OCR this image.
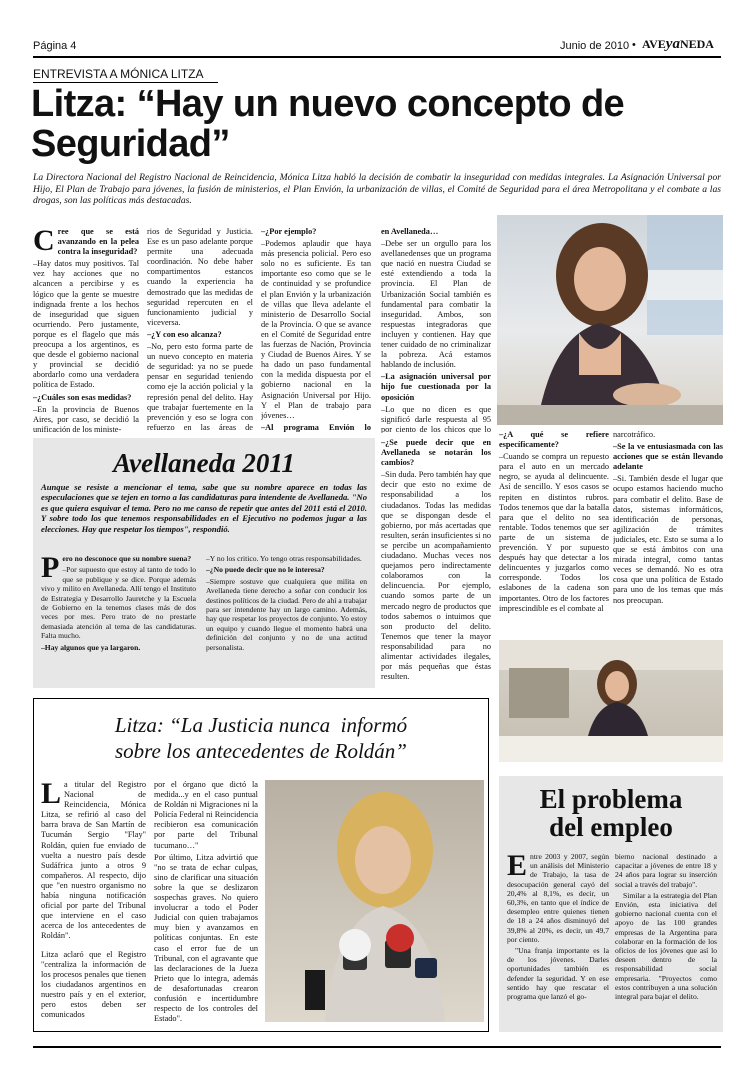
Página 4	Junio de 2010 • AVEyaNEDA
ENTREVISTA A MÓNICA LITZA
Litza: “Hay un nuevo concepto de
Seguridad”
La Directora Nacional del Registro Nacional de Reincidencia, Mónica Litza habló la decisión de combatir la inseguridad con medidas integrales. La Asignación Universal por Hijo, El Plan de Trabajo para jóvenes, la fusión de ministerios, el Plan Envión, la urbanización de villas, el Comité de Seguridad para el área Metropolitana y el combate a las drogas, son las políticas más destacadas.

Cree que se está avanzando en la pelea contra la inseguridad?

–Hay datos muy positivos. Tal vez hay acciones que no alcancen a percibirse y es lógico que la gente se muestre indignada frente a los hechos de inseguridad que siguen ocurriendo. Pero justamente, porque es el flagelo que más preocupa a los argentinos, es que desde el gobierno nacional y provincial se decidió abordarlo como una verdadera política de Estado.

–¿Cuáles son esas medidas?

–En la provincia de Buenos Aires, por caso, se decidió la unificación de los ministe-

rios de Seguridad y Justicia. Ese es un paso adelante porque permite una adecuada coordinación. No debe haber compartimentos estancos cuando la experiencia ha demostrado que las medidas de seguridad repercuten en el funcionamiento judicial y viceversa.

–¿Y con eso alcanza?

–No, pero esto forma parte de un nuevo concepto en materia de seguridad: ya no se puede pensar en seguridad teniendo como eje la acción policial y la represión penal del delito. Hay que trabajar fuertemente en la prevención y eso se logra con refuerzo en las áreas de

–¿Por ejemplo?

–Podemos aplaudir que haya más presencia policial. Pero eso solo no es suficiente. Es tan importante eso como que se le de continuidad y se profundice el plan Envión y la urbanización de villas que lleva adelante el ministerio de Desarrollo Social de la Provincia. O que se avance en el Comité de Seguridad entre las fuerzas de Nación, Provincia y Ciudad de Buenos Aires. Y se ha dado un paso fundamental con la medida dispuesta por el gobierno nacional en la Asignación Universal por Hijo. Y el Plan de trabajo para jóvenes…

–Al programa Envión lo

en Avellaneda…

–Debe ser un orgullo para los avellanedenses que un programa que nació en nuestra Ciudad se esté extendiendo a toda la provincia. El Plan de Urbanización Social también es fundamental para combatir la inseguridad. Ambos, son respuestas integradoras que incluyen y contienen. Hay que tener cuidado de no criminalizar la pobreza. Acá estamos hablando de inclusión.

–La asignación universal por hijo fue cuestionada por la oposición

–Lo que no dicen es que significó darle respuesta al 95 por ciento de los chicos que lo

–¿Se puede decir que en Avellaneda se notarán los cambios?

–Sin duda. Pero también hay que decir que esto no exime de responsabilidad a los ciudadanos. Todas las medidas que se dispongan desde el gobierno, por más acertadas que resulten, serán insuficientes si no se percibe un acompañamiento ciudadano. Muchas veces nos quejamos pero indirectamente colaboramos con la delincuencia. Por ejemplo, cuando somos parte de un mercado negro de productos que todos sabemos o intuimos que son producto del delito. Tenemos que tener la mayor responsabilidad para no alimentar actividades ilegales, por más pequeñas que éstas resulten.

–¿A qué se refiere específicamente?

–Cuando se compra un repuesto para el auto en un mercado negro, se ayuda al delincuente. Así de sencillo. Y esos casos se repiten en distintos rubros. Todos tenemos que dar la batalla para que el delito no sea rentable. Todos tenemos que ser parte de un sistema de prevención. Y por supuesto después hay que detectar a los delincuentes y juzgarlos como corresponde. Todos los eslabones de la cadena son importantes. Otro de los factores imprescindible es el combate al

narcotráfico.

–Se la ve entusiasmada con las acciones que se están llevando adelante

–Si. También desde el lugar que ocupo estamos haciendo mucho para combatir el delito. Base de datos, sistemas informáticos, identificación de personas, agilización de trámites judiciales, etc. Esto se suma a lo que se está ámbitos con una mirada integral, como tantas veces se demandó. No es otra cosa que una política de Estado para uno de los temas que más nos preocupan.

Avellaneda 2011
Aunque se resiste a mencionar el tema, sabe que su nombre aparece en todas las especulaciones que se tejen en torno a las candidaturas para intendente de Avellaneda. "No es que quiera esquivar el tema. Pero no me canso de repetir que antes del 2011 está el 2010. Y sobre todo los que tenemos responsabilidades en el Ejecutivo no podemos jugar a las elecciones. Hay que respetar los tiempos", respondió.

Pero no desconoce que su nombre suena?

–Por supuesto que estoy al tanto de todo lo que se publique y se dice. Porque además vivo y milito en Avellaneda. Allí tengo el Instituto de Estrategia y Desarrollo Jauretche y la Escuela de Gobierno en la tenemos clases más de dos veces por mes. Pero trato de no prestarle demasiada atención al tema de las candidaturas. Falta mucho.

–Hay algunos que ya largaron.

–Y no los critico. Yo tengo otras responsabilidades.

–¿No puede decir que no le interesa?

–Siempre sostuve que cualquiera que milita en Avellaneda tiene derecho a soñar con conducir los destinos políticos de la ciudad. Pero de ahí a trabajar para ser intendente hay un largo camino. Además, hay que respetar los proyectos de conjunto. Yo estoy un equipo y cuando llegue el momento habrá una definición del conjunto y no de una actitud personalista.

Litza: “La Justicia nunca  informó
sobre los antecedentes de Roldán”

La titular del Registro Nacional de Reincidencia, Mónica Litza, se refirió al caso del barra brava de San Martín de Tucumán Sergio "Flay" Roldán, quien fue enviado de vuelta a nuestro país desde Sudáfrica junto a otros 9 compañeros. Al respecto, dijo que "en nuestro organismo no había ninguna notificación oficial por parte del Tribunal que interviene en el caso acerca de los antecedentes de Roldán".

Litza aclaró que el Registro "centraliza la información de los procesos penales que tienen los ciudadanos argentinos en nuestro país y en el exterior, pero estos deben ser comunicados

por el órgano que dictó la medida...y en el caso puntual de Roldán ni Migraciones ni la Policía Federal ni Reincidencia recibieron esa comunicación por parte del Tribunal tucumano…"

Por último, Litza advirtió que "no se trata de echar culpas, sino de clarificar una situación sobre la que se deslizaron sospechas graves. No quiero involucrar a todo el Poder Judicial con quien trabajamos muy bien y avanzamos en políticas conjuntas. En este caso el error fue de un Tribunal, con el agravante que las declaraciones de la Jueza Prieto que lo integra, además de desafortunadas crearon confusión e incertidumbre respecto de los controles del Estado".

El problema
del empleo

Entre 2003 y 2007, según un análisis del Ministerio de Trabajo, la tasa de desocupación general cayó del 20,4% al 8,1%, es decir, un 60,3%, en tanto que el índice de desempleo entre quienes tienen de 18 a 24 años disminuyó del 39,8% al 20%, es decir, un 49,7 por ciento.

"Una franja importante es la de los jóvenes. Darles oportunidades también es defender la seguridad. Y en ese sentido hay que rescatar el programa que lanzó el go-

bierno nacional destinado a capacitar a jóvenes de entre 18 y 24 años para lograr su inserción social a través del trabajo".

Similar a la estrategia del Plan Envión, esta iniciativa del gobierno nacional cuenta con el apoyo de las 100 grandes empresas de la Argentina para colaborar en la formación de los oficios de los jóvenes que así lo deseen dentro de la responsabilidad social empresaria. "Proyectos como estos contribuyen a una solución integral para bajar el delito.
